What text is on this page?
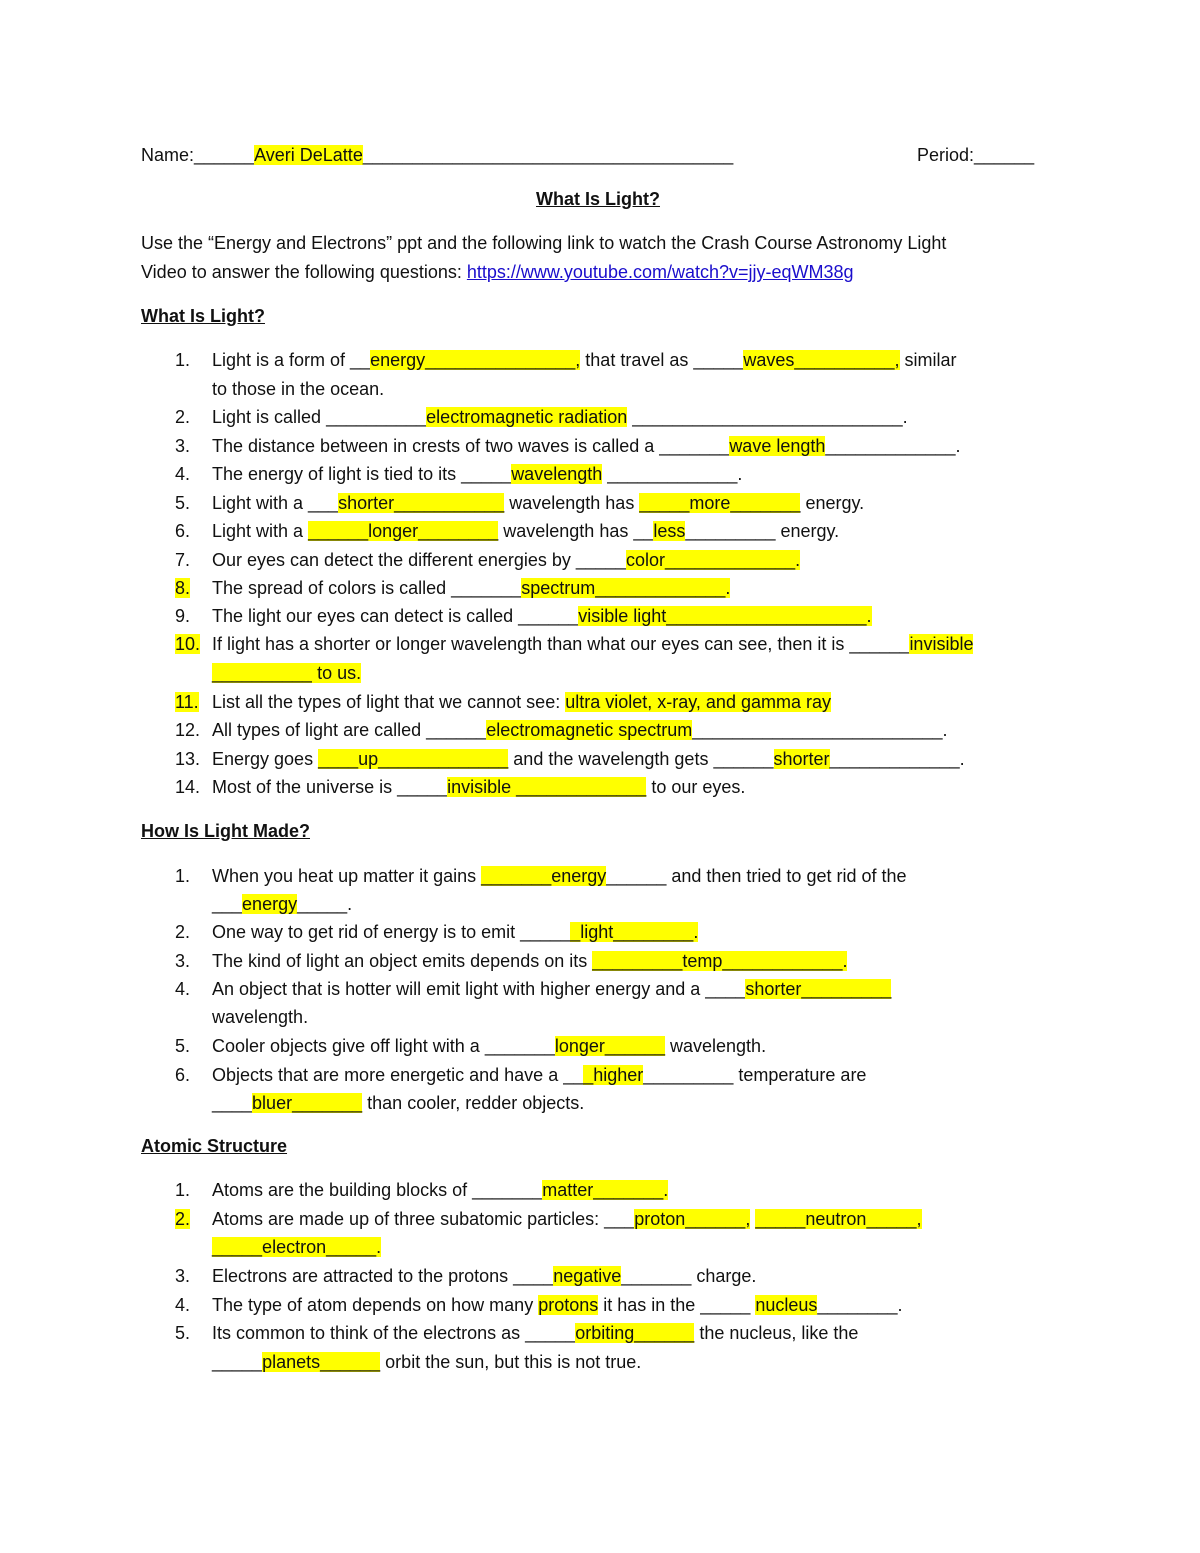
Name:______Averi DeLatte_____________________________________	Period:______
What Is Light?
Use the “Energy and Electrons” ppt and the following link to watch the Crash Course Astronomy Light
Video to answer the following questions: https://www.youtube.com/watch?v=jjy-eqWM38g
What Is Light?
1. Light is a form of __energy_______________, that travel as _____waves__________, similar
to those in the ocean.
2. Light is called __________electromagnetic radiation ___________________________.
3. The distance between in crests of two waves is called a _______wave length_____________.
4. The energy of light is tied to its _____wavelength _____________.
5. Light with a ___shorter___________ wavelength has _____more_______ energy.
6. Light with a ______longer________ wavelength has __less_________ energy.
7. Our eyes can detect the different energies by _____color_____________.
8. The spread of colors is called _______spectrum_____________.
9. The light our eyes can detect is called ______visible light____________________.
10. If light has a shorter or longer wavelength than what our eyes can see, then it is ______invisible
__________ to us.
11. List all the types of light that we cannot see: ultra violet, x-ray, and gamma ray
12. All types of light are called ______electromagnetic spectrum_________________________.
13. Energy goes ____up_____________ and the wavelength gets ______shorter_____________.
14. Most of the universe is _____invisible _____________ to our eyes.
How Is Light Made?
1. When you heat up matter it gains _______energy______ and then tried to get rid of the
___energy_____.
2. One way to get rid of energy is to emit ______light________.
3. The kind of light an object emits depends on its _________temp____________.
4. An object that is hotter will emit light with higher energy and a ____shorter_________
wavelength.
5. Cooler objects give off light with a _______longer______ wavelength.
6. Objects that are more energetic and have a ___higher_________ temperature are
____bluer_______ than cooler, redder objects.
Atomic Structure
1. Atoms are the building blocks of _______matter_______.
2. Atoms are made up of three subatomic particles: ___proton______, _____neutron_____,
_____electron_____.
3. Electrons are attracted to the protons ____negative_______ charge.
4. The type of atom depends on how many protons it has in the _____ nucleus________.
5. Its common to think of the electrons as _____orbiting______ the nucleus, like the
_____planets______ orbit the sun, but this is not true.
